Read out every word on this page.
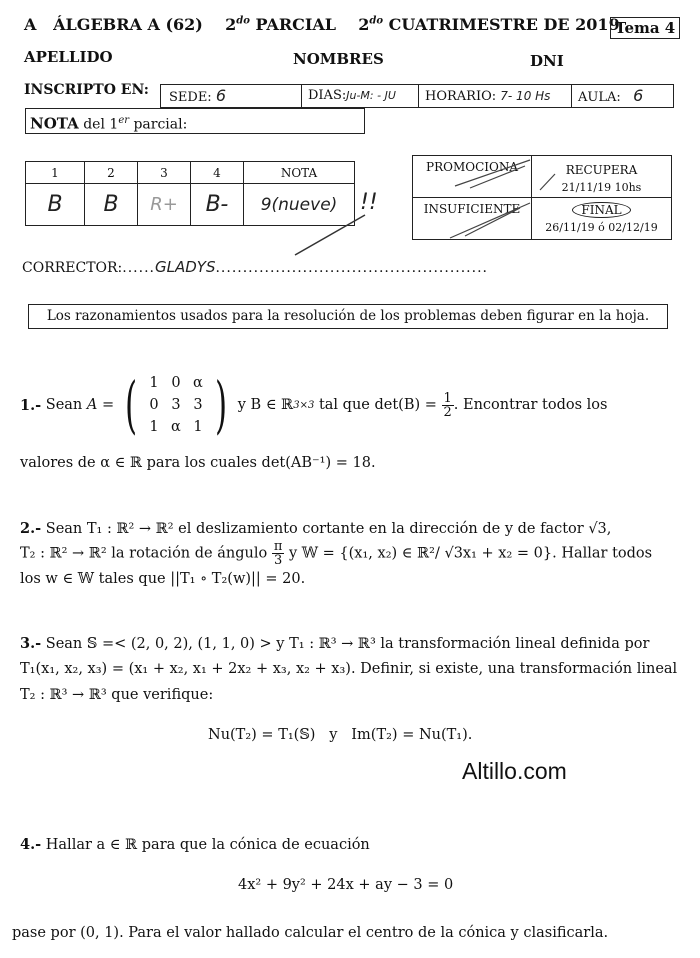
A ÁLGEBRA A (62) $2^{do}$ PARCIAL $2^{do}$ CUATRIMESTRE DE 2019
Tema 4
APELLIDO	NOMBRES	DNI
INSCRIPTO EN:	SEDE: 6	DIAS:Ju-M: - JU	HORARIO: 7- 10 Hs	AULA: 6
NOTA del 1er parcial:
1	2	3	4	NOTA
B	B	R+	B-	9(nueve) !!
PROMOCIONA	RECUPERA
21/11/19 10hs

INSUFICIENTE	FINAL
26/11/19 ó 02/12/19
CORRECTOR:......GLADYS..................................................
Los razonamientos usados para la resolución de los problemas deben figurar en la hoja.
1.-
Sean
A = ( 1 0 α
0 3 3
1 α 1 )
y B ∈ ℝ 3×3
tal que det(B) =
$\frac{1}{2}$ . Encontrar todos los
valores de α ∈ ℝ para los cuales det(AB⁻¹) = 18.
2.- Sean T₁ : ℝ² → ℝ² el deslizamiento cortante en la dirección de y de factor √3,
T₂ : ℝ² → ℝ² la rotación de ángulo $\frac{\pi}{3}$ y 𝕎 = {(x₁, x₂) ∈ ℝ²/ √3x₁ + x₂ = 0}. Hallar todos
los w ∈ 𝕎 tales que ||T₁ ∘ T₂(w)|| = 20.
3.- Sean 𝕊 =< (2, 0, 2), (1, 1, 0) > y T₁ : ℝ³ → ℝ³ la transformación lineal definida por
T₁(x₁, x₂, x₃) = (x₁ + x₂, x₁ + 2x₂ + x₃, x₂ + x₃). Definir, si existe, una transformación lineal
T₂ : ℝ³ → ℝ³ que verifique:
Nu(T₂) = T₁(𝕊)   y   Im(T₂) = Nu(T₁).
Altillo.com
4.- Hallar a ∈ ℝ para que la cónica de ecuación
4x² + 9y² + 24x + ay − 3 = 0
pase por (0, 1). Para el valor hallado calcular el centro de la cónica y clasificarla.
